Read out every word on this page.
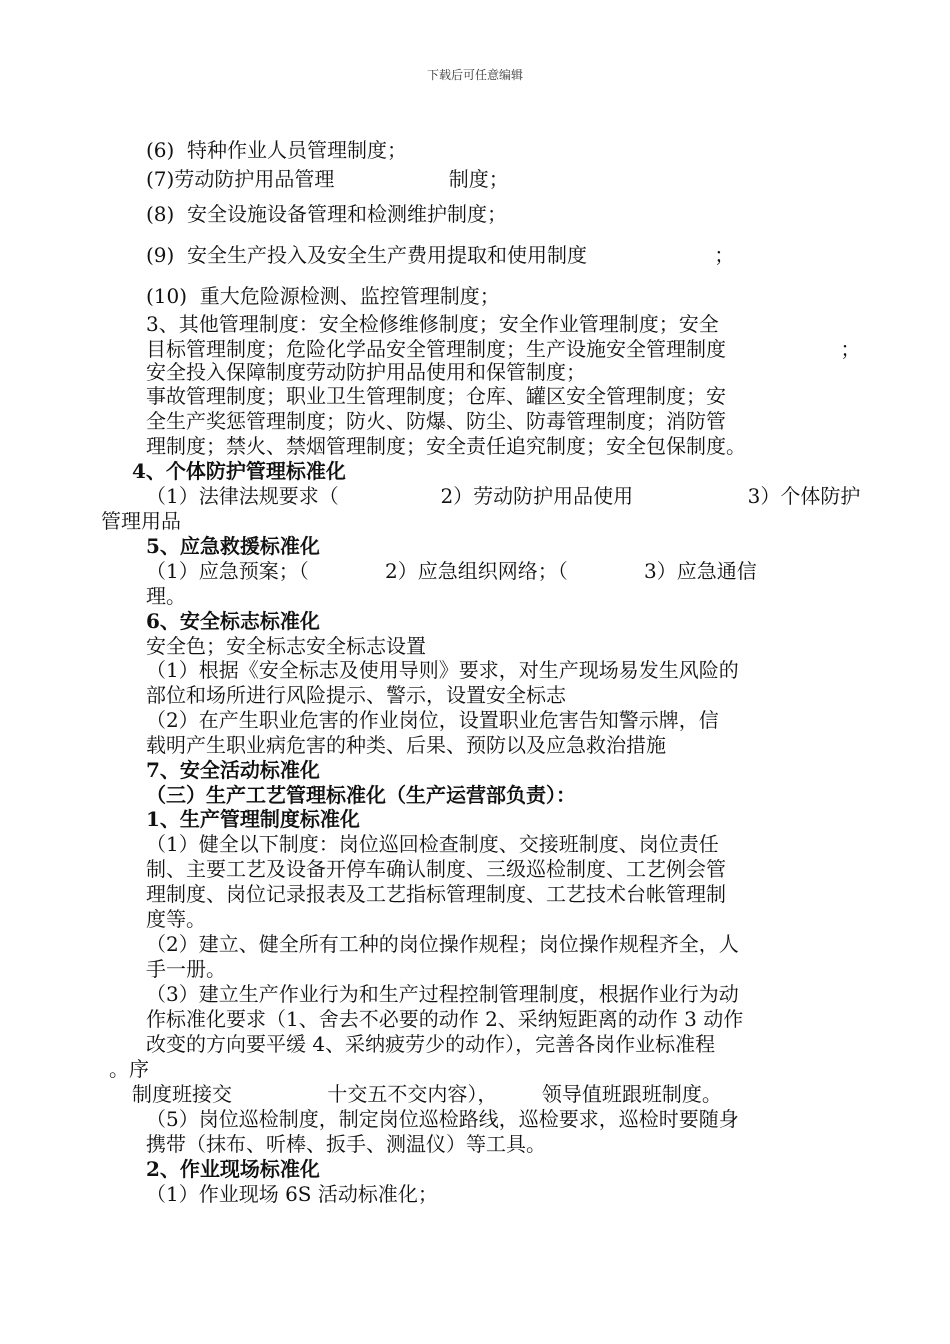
下载后可任意编辑
(6)  特种作业人员管理制度；
(7)劳动防护用品管理                  制度；
(8)  安全设施设备管理和检测维护制度；
(9)  安全生产投入及安全生产费用提取和使用制度                    ；
(10)  重大危险源检测、监控管理制度；
3、其他管理制度：安全检修维修制度；安全作业管理制度；安全
目标管理制度；危险化学品安全管理制度；生产设施安全管理制度                  ；
安全投入保障制度劳动防护用品使用和保管制度；
事故管理制度；职业卫生管理制度；仓库、罐区安全管理制度；安
全生产奖惩管理制度；防火、防爆、防尘、防毒管理制度；消防管
理制度；禁火、禁烟管理制度；安全责任追究制度；安全包保制度。
4、个体防护管理标准化
（1）法律法规要求（                2）劳动防护用品使用                  3）个体防护
管理用品
5、应急救援标准化
（1）应急预案；（            2）应急组织网络；（            3）应急通信
理。
6、安全标志标准化
安全色；安全标志安全标志设置
（1）根据《安全标志及使用导则》要求，对生产现场易发生风险的
部位和场所进行风险提示、警示，设置安全标志
（2）在产生职业危害的作业岗位，设置职业危害告知警示牌，信
载明产生职业病危害的种类、后果、预防以及应急救治措施
7、安全活动标准化
（三）生产工艺管理标准化（生产运营部负责）：
1、生产管理制度标准化
（1）健全以下制度：岗位巡回检查制度、交接班制度、岗位责任
制、主要工艺及设备开停车确认制度、三级巡检制度、工艺例会管
理制度、岗位记录报表及工艺指标管理制度、工艺技术台帐管理制
度等。
（2）建立、健全所有工种的岗位操作规程；岗位操作规程齐全，人
手一册。
（3）建立生产作业行为和生产过程控制管理制度，根据作业行为动
作标准化要求（1、舍去不必要的动作 2、采纳短距离的动作 3 动作
改变的方向要平缓 4、采纳疲劳少的动作），完善各岗作业标准程
。序
制度班接交               十交五不交内容），       领导值班跟班制度。
（5）岗位巡检制度，制定岗位巡检路线，巡检要求，巡检时要随身
携带（抹布、听棒、扳手、测温仪）等工具。
2、作业现场标准化
（1）作业现场 6S 活动标准化；
